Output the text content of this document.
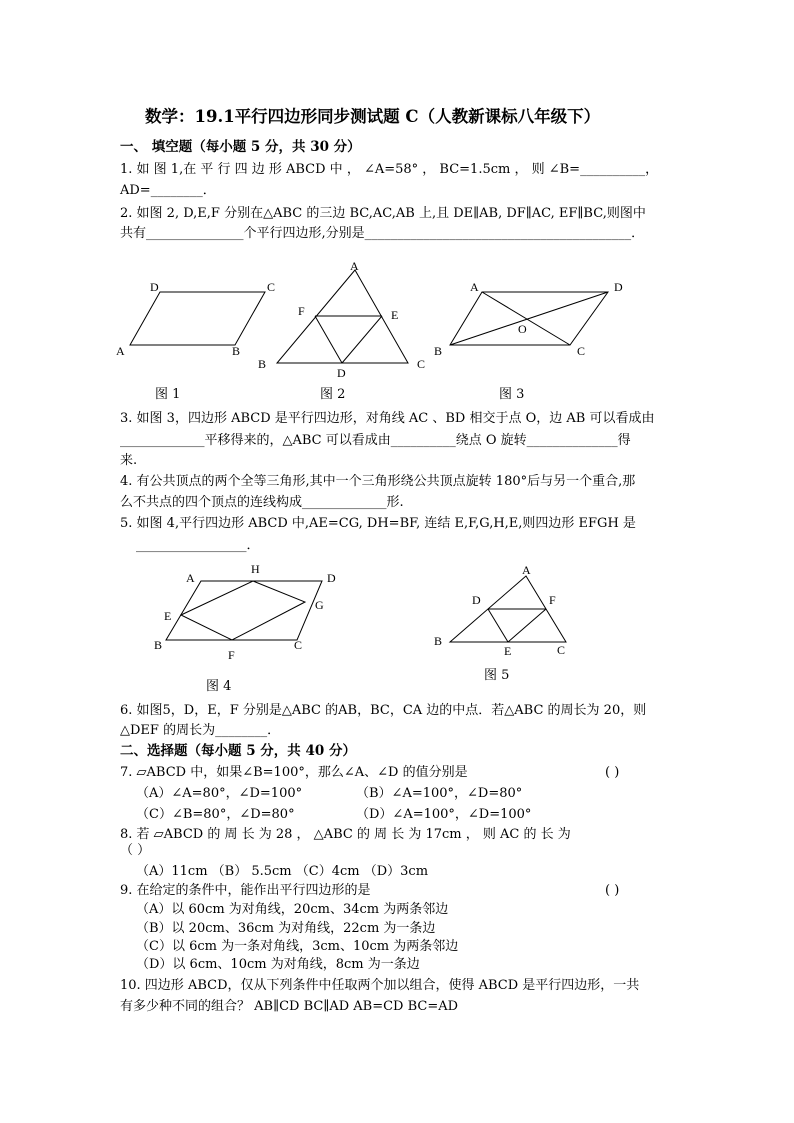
数学：19.1平行四边形同步测试题 C（人教新课标八年级下）
一、 填空题（每小题 5 分，共 30 分）
1. 如 图 1,在 平 行 四 边 形 ABCD 中 ， ∠A=58° ， BC=1.5cm ， 则 ∠B=__________，
AD=________．
2. 如图 2, D,E,F 分别在△ABC 的三边 BC,AC,AB 上,且 DE∥AB, DF∥AC, EF∥BC,则图中
共有_______________个平行四边形,分别是_________________________________________．
D	C
A	B
图 1
A
F	E
B
D
C
图 2
A	D
O
B	C
图 3
3. 如图 3，四边形 ABCD 是平行四边形，对角线 AC 、BD 相交于点 O，边 AB 可以看成由
_____________平移得来的，△ABC 可以看成由__________绕点 O 旋转______________得
来.
4. 有公共顶点的两个全等三角形,其中一个三角形绕公共顶点旋转 180°后与另一个重合,那
么不共点的四个顶点的连线构成_____________形.
5. 如图 4,平行四边形 ABCD 中,AE=CG, DH=BF, 连结 E,F,G,H,E,则四边形 EFGH 是
_________________．
A
H
D
E
G
B
F
C
图 4
A
D	F
B
E	C
图 5
6. 如图5，D，E，F 分别是△ABC 的AB，BC，CA 边的中点．若△ABC 的周长为 20，则
△DEF 的周长为________．
二、选择题（每小题 5 分，共 40 分）
7. ▱ABCD 中，如果∠B=100°，那么∠A、∠D 的值分别是	( )
（A）∠A=80°，∠D=100°	（B）∠A=100°，∠D=80°
（C）∠B=80°，∠D=80°	（D）∠A=100°，∠D=100°
8. 若 ▱ABCD 的 周 长 为 28 ， △ABC 的 周 长 为 17cm ， 则 AC 的 长 为
（ ）
（A）11cm （B） 5.5cm （C）4cm （D）3cm
9. 在给定的条件中，能作出平行四边形的是	( )
（A）以 60cm 为对角线，20cm、34cm 为两条邻边
（B）以 20cm、36cm 为对角线，22cm 为一条边
（C）以 6cm 为一条对角线，3cm、10cm 为两条邻边
（D）以 6cm、10cm 为对角线，8cm 为一条边
10. 四边形 ABCD，仅从下列条件中任取两个加以组合，使得 ABCD 是平行四边形，一共
有多少种不同的组合？ AB∥CD BC∥AD AB=CD BC=AD
